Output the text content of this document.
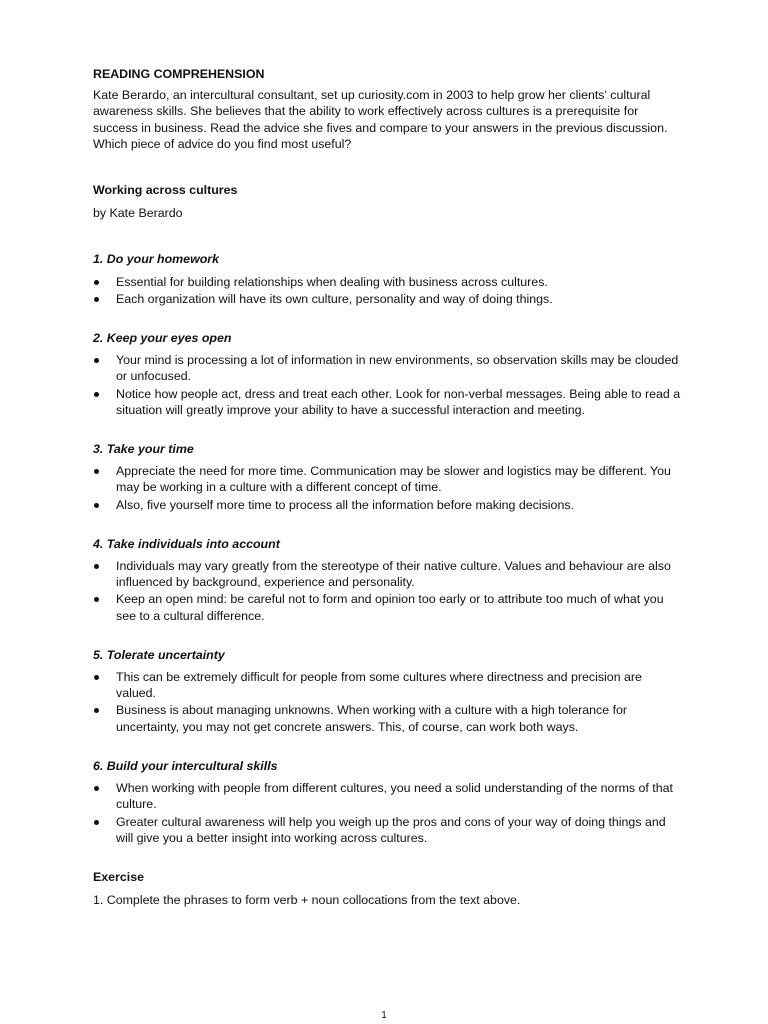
READING COMPREHENSION

Kate Berardo, an intercultural consultant, set up curiosity.com in 2003 to help grow her clients' cultural awareness skills. She believes that the ability to work effectively across cultures is a prerequisite for success in business. Read the advice she fives and compare to your answers in the previous discussion. Which piece of advice do you find most useful?

Working across cultures

by Kate Berardo

1. Do your homework

Essential for building relationships when dealing with business across cultures.
Each organization will have its own culture, personality and way of doing things.

2. Keep your eyes open

Your mind is processing a lot of information in new environments, so observation skills may be clouded or unfocused.
Notice how people act, dress and treat each other. Look for non-verbal messages. Being able to read a situation will greatly improve your ability to have a successful interaction and meeting.

3. Take your time

Appreciate the need for more time. Communication may be slower and logistics may be different. You may be working in a culture with a different concept of time.
Also, five yourself more time to process all the information before making decisions.

4. Take individuals into account

Individuals may vary greatly from the stereotype of their native culture. Values and behaviour are also influenced by background, experience and personality.
Keep an open mind: be careful not to form and opinion too early or to attribute too much of what you see to a cultural difference.

5. Tolerate uncertainty

This can be extremely difficult for people from some cultures where directness and precision are valued.
Business is about managing unknowns. When working with a culture with a high tolerance for uncertainty, you may not get concrete answers. This, of course, can work both ways.

6. Build your intercultural skills

When working with people from different cultures, you need a solid understanding of the norms of that culture.
Greater cultural awareness will help you weigh up the pros and cons of your way of doing things and will give you a better insight into working across cultures.

Exercise

1. Complete the phrases to form verb + noun collocations from the text above.

1
